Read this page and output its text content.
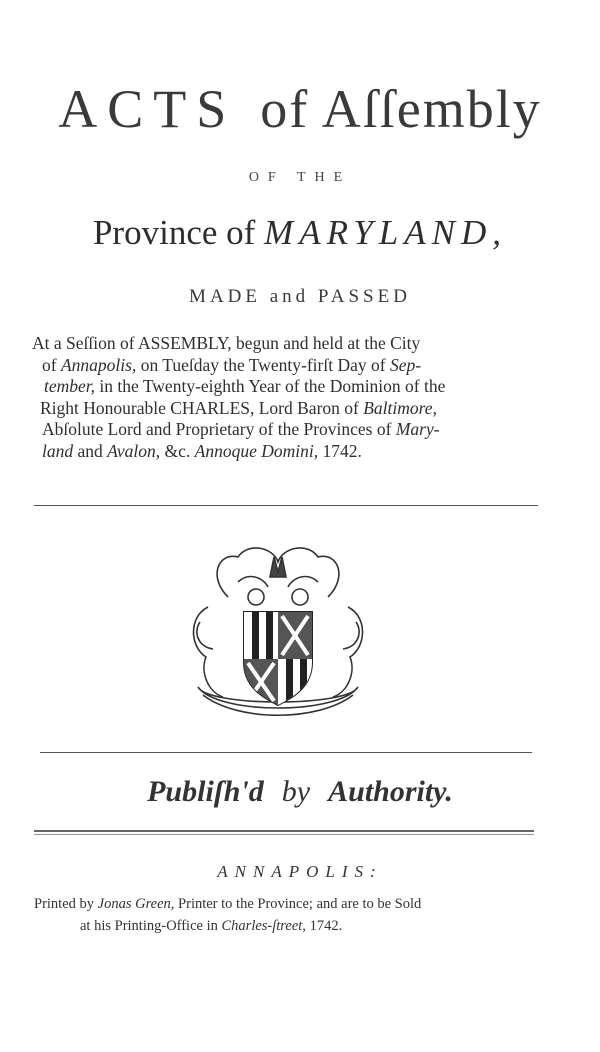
ACTS of Aſſembly
OF THE
Province of MARYLAND,
MADE and PASSED

At a Seſſion of ASSEMBLY, begun and held at the City

of Annapolis, on Tueſday the Twenty-firſt Day of Sep-

tember, in the Twenty-eighth Year of the Dominion of the

Right Honourable CHARLES, Lord Baron of Baltimore,

Abſolute Lord and Proprietary of the Provinces of Mary-

land and Avalon, &c. Annoque Domini, 1742.

Publiſh'd by Authority.
ANNAPOLIS:
Printed by Jonas Green, Printer to the Province; and are to be Sold
at his Printing-Office in Charles-ſtreet, 1742.
